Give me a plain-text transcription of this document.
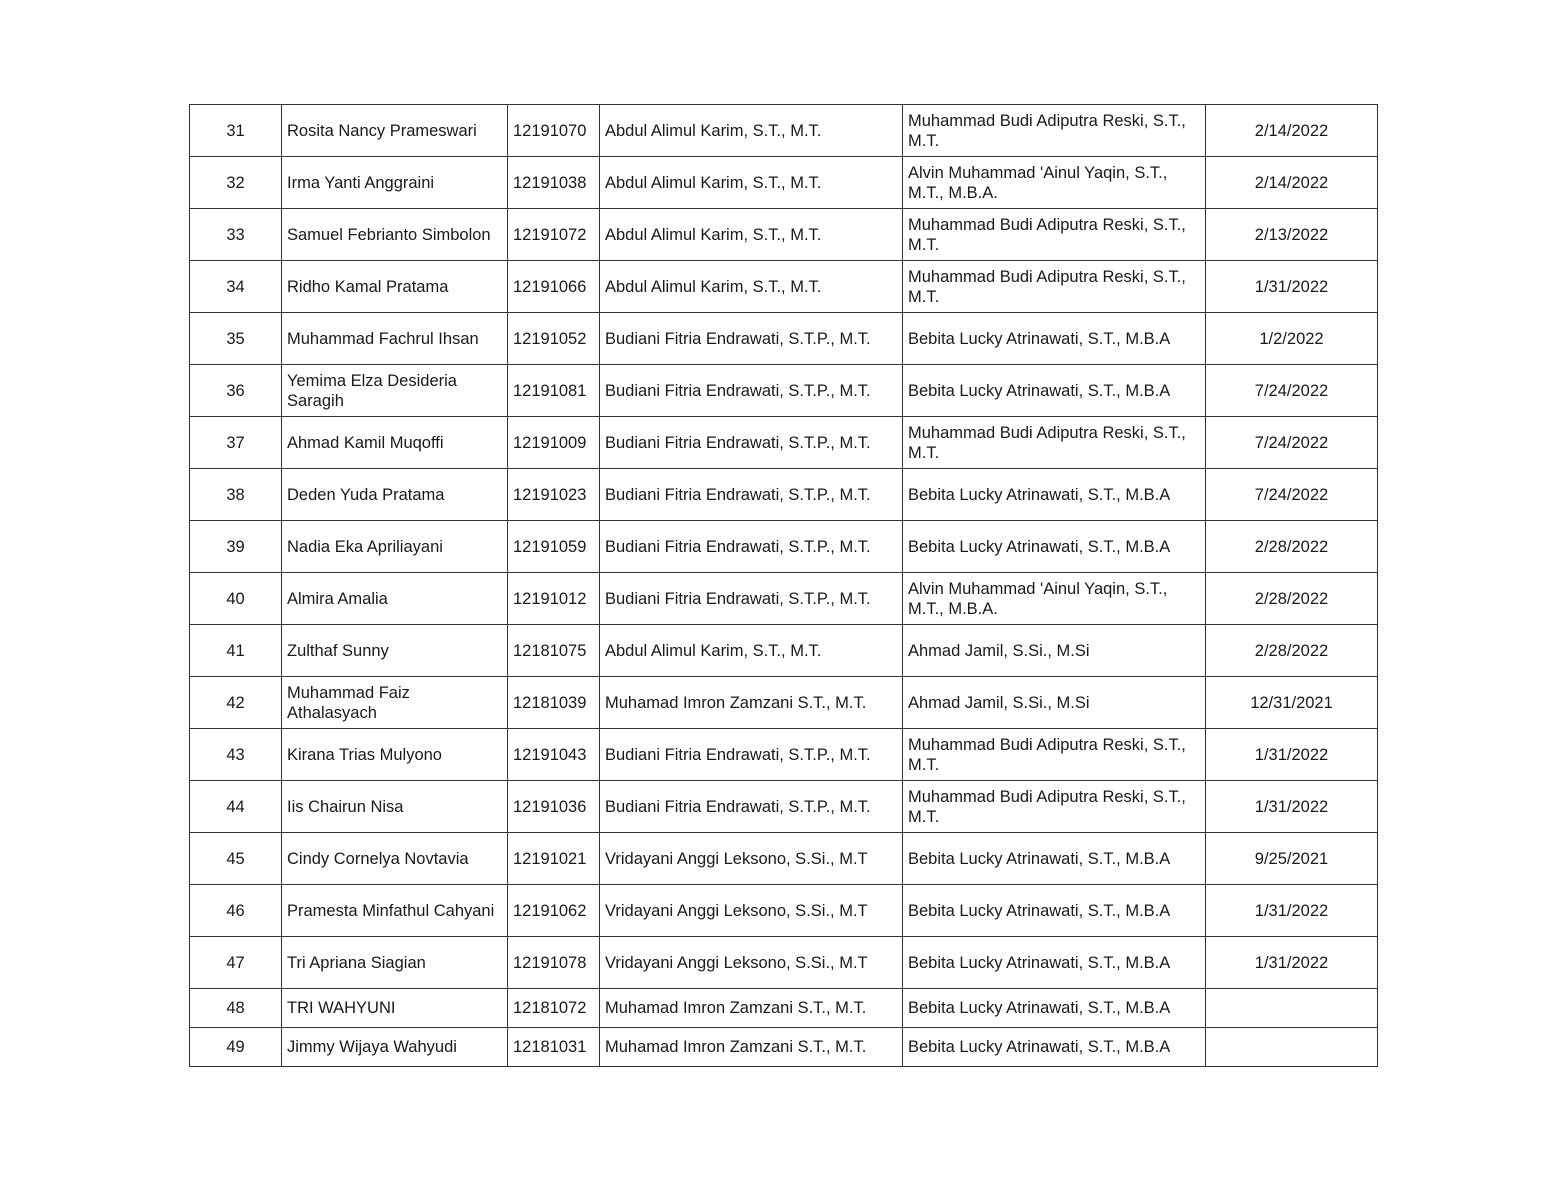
31	Rosita Nancy Prameswari	12191070	Abdul Alimul Karim, S.T., M.T.	Muhammad Budi Adiputra Reski, S.T., M.T.	2/14/2022
32	Irma Yanti Anggraini	12191038	Abdul Alimul Karim, S.T., M.T.	Alvin Muhammad 'Ainul Yaqin, S.T., M.T., M.B.A.	2/14/2022
33	Samuel Febrianto Simbolon	12191072	Abdul Alimul Karim, S.T., M.T.	Muhammad Budi Adiputra Reski, S.T., M.T.	2/13/2022
34	Ridho Kamal Pratama	12191066	Abdul Alimul Karim, S.T., M.T.	Muhammad Budi Adiputra Reski, S.T., M.T.	1/31/2022
35	Muhammad Fachrul Ihsan	12191052	Budiani Fitria Endrawati, S.T.P., M.T.	Bebita Lucky Atrinawati, S.T., M.B.A	1/2/2022
36	Yemima Elza Desideria Saragih	12191081	Budiani Fitria Endrawati, S.T.P., M.T.	Bebita Lucky Atrinawati, S.T., M.B.A	7/24/2022
37	Ahmad Kamil Muqoffi	12191009	Budiani Fitria Endrawati, S.T.P., M.T.	Muhammad Budi Adiputra Reski, S.T., M.T.	7/24/2022
38	Deden Yuda Pratama	12191023	Budiani Fitria Endrawati, S.T.P., M.T.	Bebita Lucky Atrinawati, S.T., M.B.A	7/24/2022
39	Nadia Eka Apriliayani	12191059	Budiani Fitria Endrawati, S.T.P., M.T.	Bebita Lucky Atrinawati, S.T., M.B.A	2/28/2022
40	Almira Amalia	12191012	Budiani Fitria Endrawati, S.T.P., M.T.	Alvin Muhammad 'Ainul Yaqin, S.T., M.T., M.B.A.	2/28/2022
41	Zulthaf Sunny	12181075	Abdul Alimul Karim, S.T., M.T.	Ahmad Jamil, S.Si., M.Si	2/28/2022
42	Muhammad Faiz Athalasyach	12181039	Muhamad Imron Zamzani S.T., M.T.	Ahmad Jamil, S.Si., M.Si	12/31/2021
43	Kirana Trias Mulyono	12191043	Budiani Fitria Endrawati, S.T.P., M.T.	Muhammad Budi Adiputra Reski, S.T., M.T.	1/31/2022
44	Iis Chairun Nisa	12191036	Budiani Fitria Endrawati, S.T.P., M.T.	Muhammad Budi Adiputra Reski, S.T., M.T.	1/31/2022
45	Cindy Cornelya Novtavia	12191021	Vridayani Anggi Leksono, S.Si., M.T	Bebita Lucky Atrinawati, S.T., M.B.A	9/25/2021
46	Pramesta Minfathul Cahyani	12191062	Vridayani Anggi Leksono, S.Si., M.T	Bebita Lucky Atrinawati, S.T., M.B.A	1/31/2022
47	Tri Apriana Siagian	12191078	Vridayani Anggi Leksono, S.Si., M.T	Bebita Lucky Atrinawati, S.T., M.B.A	1/31/2022
48	TRI WAHYUNI	12181072	Muhamad Imron Zamzani S.T., M.T.	Bebita Lucky Atrinawati, S.T., M.B.A	
49	Jimmy Wijaya Wahyudi	12181031	Muhamad Imron Zamzani S.T., M.T.	Bebita Lucky Atrinawati, S.T., M.B.A	
